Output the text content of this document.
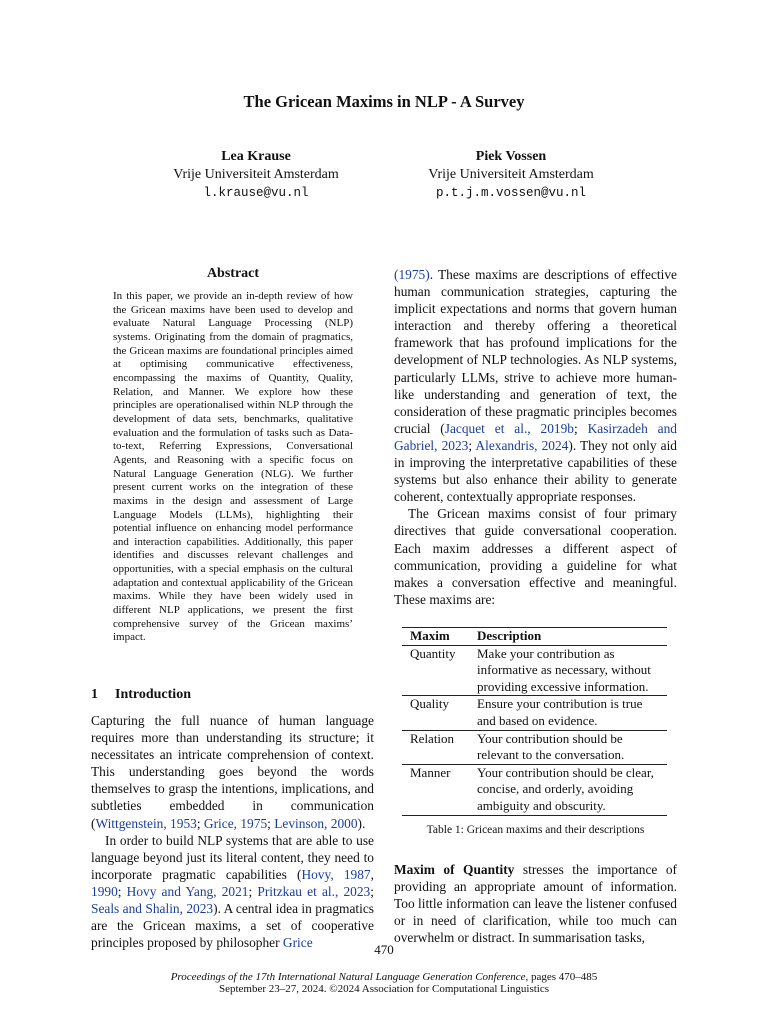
The Gricean Maxims in NLP - A Survey
Lea Krause
Vrije Universiteit Amsterdam
l.krause@vu.nl
Piek Vossen
Vrije Universiteit Amsterdam
p.t.j.m.vossen@vu.nl
Abstract
In this paper, we provide an in-depth review of how the Gricean maxims have been used to develop and evaluate Natural Language Processing (NLP) systems. Originating from the domain of pragmatics, the Gricean maxims are foundational principles aimed at optimising communicative effectiveness, encompassing the maxims of Quantity, Quality, Relation, and Manner. We explore how these principles are operationalised within NLP through the development of data sets, benchmarks, qualitative evaluation and the formulation of tasks such as Data-to-text, Referring Expressions, Conversational Agents, and Reasoning with a specific focus on Natural Language Generation (NLG). We further present current works on the integration of these maxims in the design and assessment of Large Language Models (LLMs), highlighting their potential influence on enhancing model performance and interaction capabilities. Additionally, this paper identifies and discusses relevant challenges and opportunities, with a special emphasis on the cultural adaptation and contextual applicability of the Gricean maxims. While they have been widely used in different NLP applications, we present the first comprehensive survey of the Gricean maxims’ impact.
1 Introduction

Capturing the full nuance of human language requires more than understanding its structure; it necessitates an intricate comprehension of context. This understanding goes beyond the words themselves to grasp the intentions, implications, and subtleties embedded in communication (Wittgenstein, 1953; Grice, 1975; Levinson, 2000).

In order to build NLP systems that are able to use language beyond just its literal content, they need to incorporate pragmatic capabilities (Hovy, 1987, 1990; Hovy and Yang, 2021; Pritzkau et al., 2023; Seals and Shalin, 2023). A central idea in pragmatics are the Gricean maxims, a set of cooperative principles proposed by philosopher Grice

(1975). These maxims are descriptions of effective human communication strategies, capturing the implicit expectations and norms that govern human interaction and thereby offering a theoretical framework that has profound implications for the development of NLP technologies. As NLP systems, particularly LLMs, strive to achieve more human-like understanding and generation of text, the consideration of these pragmatic principles becomes crucial (Jacquet et al., 2019b; Kasirzadeh and Gabriel, 2023; Alexandris, 2024). They not only aid in improving the interpretative capabilities of these systems but also enhance their ability to generate coherent, contextually appropriate responses.

The Gricean maxims consist of four primary directives that guide conversational cooperation. Each maxim addresses a different aspect of communication, providing a guideline for what makes a conversation effective and meaningful. These maxims are:

Maxim	Description
Quantity	Make your contribution as informative as necessary, without providing excessive information.
Quality	Ensure your contribution is true and based on evidence.
Relation	Your contribution should be relevant to the conversation.
Manner	Your contribution should be clear, concise, and orderly, avoiding ambiguity and obscurity.
Table 1: Gricean maxims and their descriptions

Maxim of Quantity stresses the importance of providing an appropriate amount of information. Too little information can leave the listener confused or in need of clarification, while too much can overwhelm or distract. In summarisation tasks,

470
Proceedings of the 17th International Natural Language Generation Conference, pages 470–485
September 23–27, 2024. ©2024 Association for Computational Linguistics
